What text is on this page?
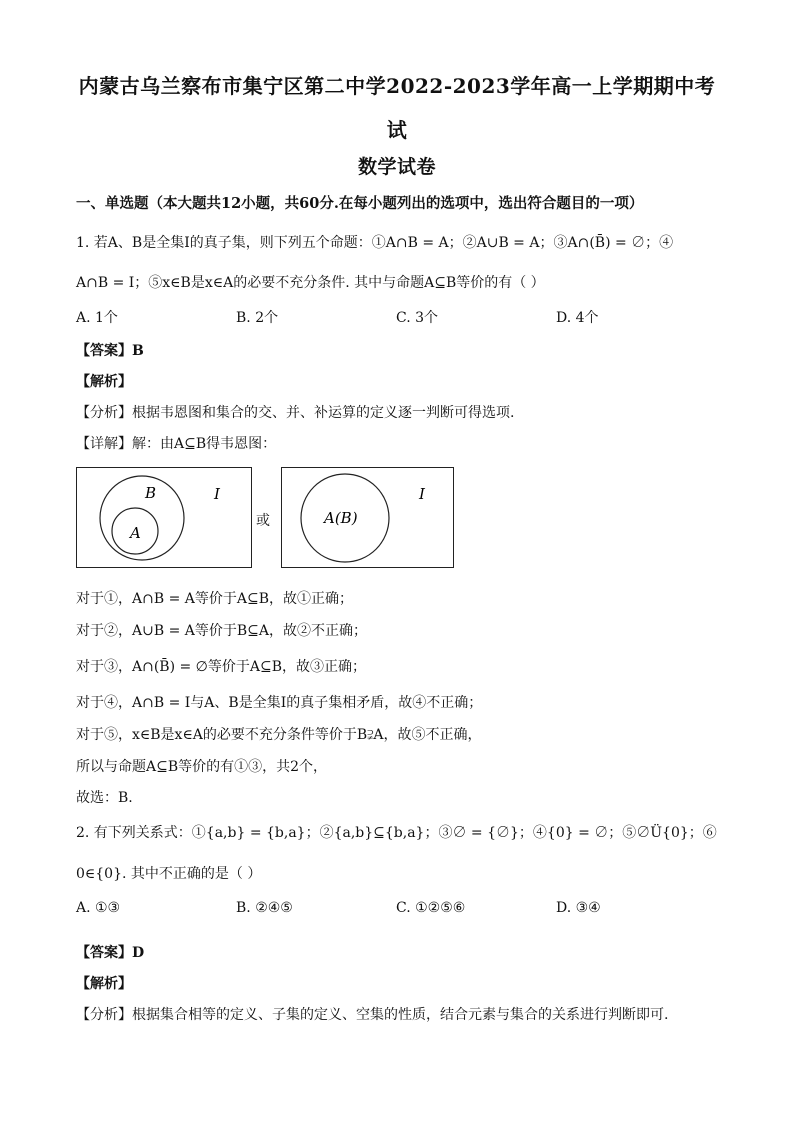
内蒙古乌兰察布市集宁区第二中学2022-2023学年高一上学期期中考
试
数学试卷
一、单选题（本大题共12小题，共60分.在每小题列出的选项中，选出符合题目的一项）
1. 若A、B是全集I的真子集，则下列五个命题：①A∩B = A；②A∪B = A；③A∩(B̄) = ∅；④
A∩B = I；⑤x∈B是x∈A的必要不充分条件. 其中与命题A⊆B等价的有（ ）
A. 1个	B. 2个	C. 3个	D. 4个
【答案】B
【解析】
【分析】根据韦恩图和集合的交、并、补运算的定义逐一判断可得选项.
【详解】解：由A⊆B得韦恩图：
B
A
I
或	A(B)
I
对于①，A∩B = A等价于A⊆B，故①正确；
对于②，A∪B = A等价于B⊆A，故②不正确；
对于③，A∩(B̄) = ∅等价于A⊆B，故③正确；
对于④，A∩B = I与A、B是全集I的真子集相矛盾，故④不正确；
对于⑤，x∈B是x∈A的必要不充分条件等价于B⫌A，故⑤不正确，
所以与命题A⊆B等价的有①③，共2个，
故选：B.
2. 有下列关系式：①{a,b} = {b,a}；②{a,b}⊆{b,a}；③∅ = {∅}；④{0} = ∅；⑤∅Ü{0}；⑥
0∈{0}. 其中不正确的是（ ）
A. ①③	B. ②④⑤	C. ①②⑤⑥	D. ③④
【答案】D
【解析】
【分析】根据集合相等的定义、子集的定义、空集的性质，结合元素与集合的关系进行判断即可.
